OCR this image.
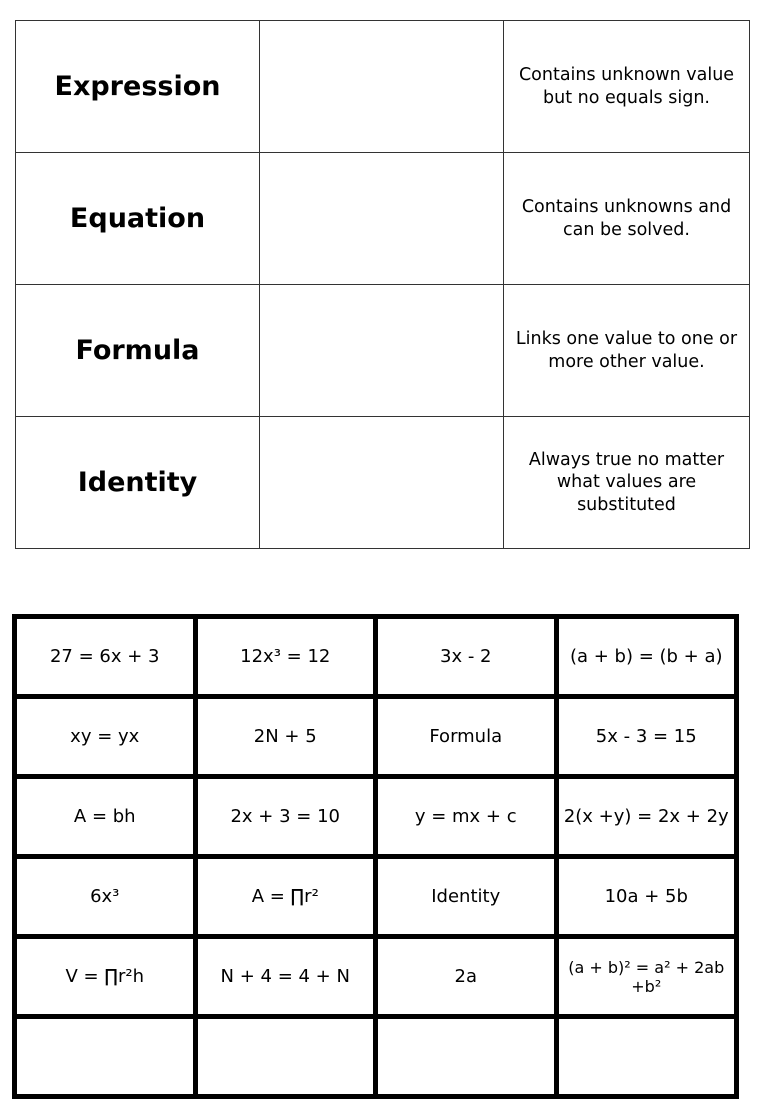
Expression		Contains unknown value but no equals sign.
Equation		Contains unknowns and can be solved.
Formula		Links one value to one or more other value.
Identity		Always true no matter what values are substituted
27 = 6x + 3	12x³ = 12	3x - 2	(a + b) = (b + a)
xy = yx	2N + 5	Formula	5x - 3 = 15
A = bh	2x + 3 = 10	y = mx + c	2(x +y) = 2x + 2y
6x³	A = ∏r²	Identity	10a + 5b
V = ∏r²h	N + 4 = 4 + N	2a	(a + b)² = a² + 2ab +b²
